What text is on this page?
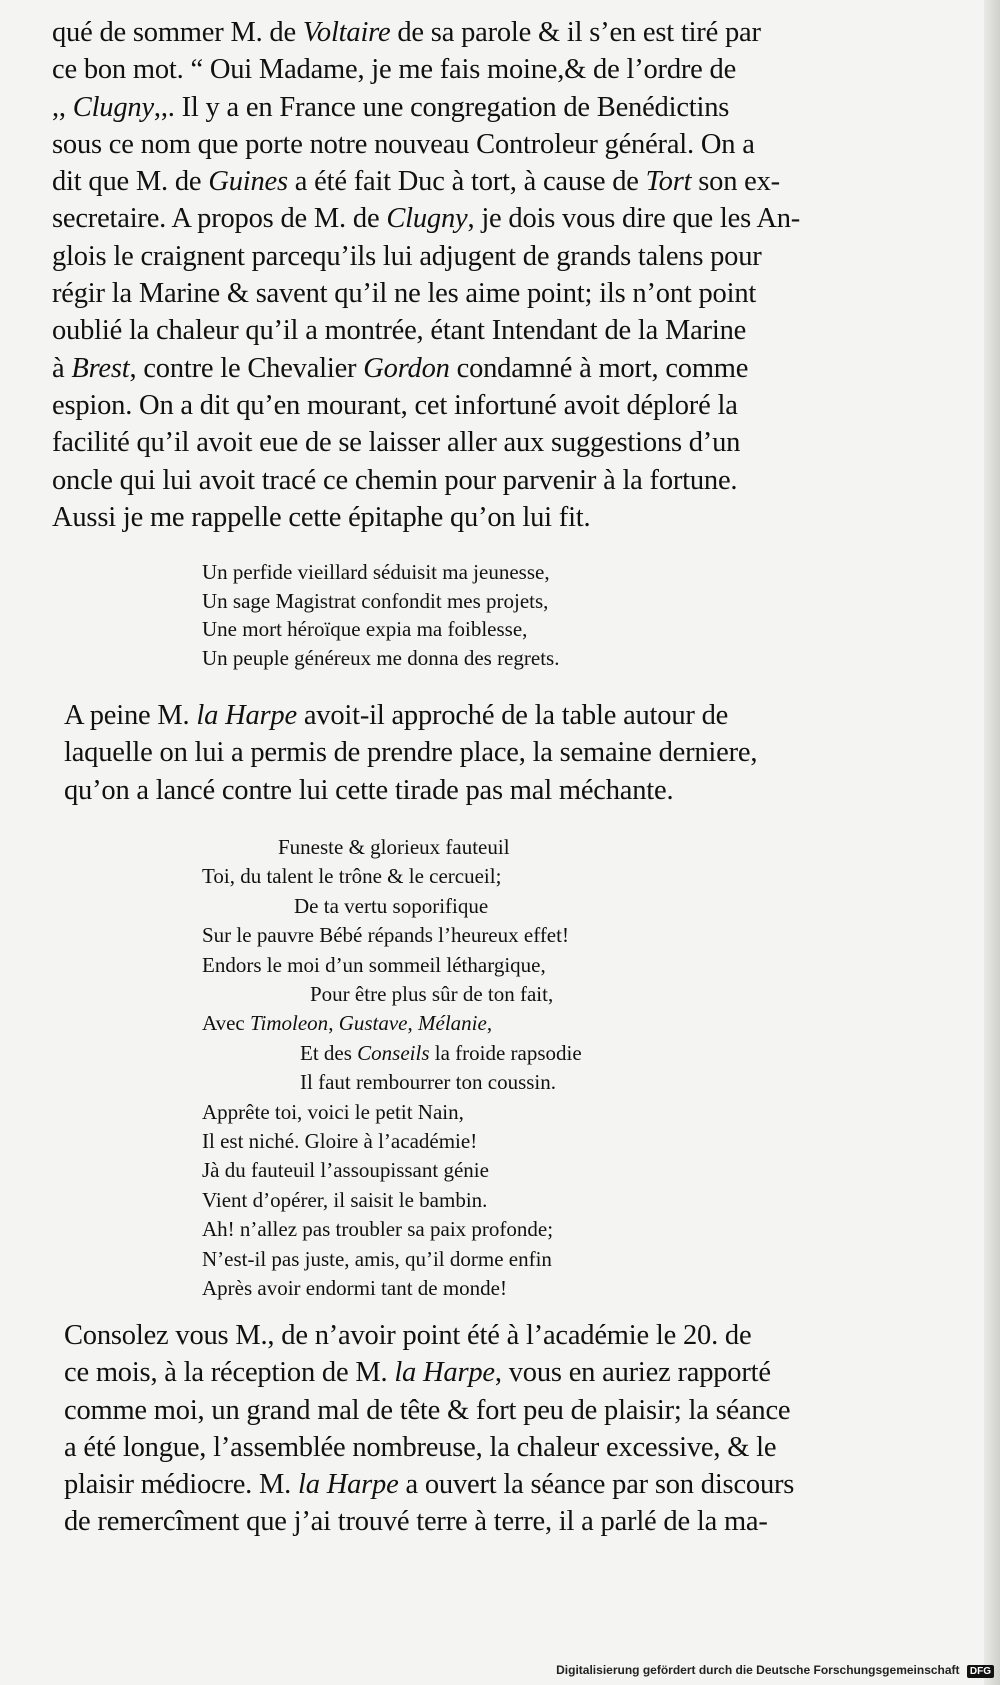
qué de sommer M. de Voltaire de sa parole & il s’en est tiré par
ce bon mot. “ Oui Madame, je me fais moine,& de l’ordre de
,, Clugny,,. Il y a en France une congregation de Benédictins
sous ce nom que porte notre nouveau Controleur général. On a
dit que M. de Guines a été fait Duc à tort, à cause de Tort son ex-
secretaire. A propos de M. de Clugny, je dois vous dire que les An-
glois le craignent parcequ’ils lui adjugent de grands talens pour
régir la Marine & savent qu’il ne les aime point; ils n’ont point
oublié la chaleur qu’il a montrée, étant Intendant de la Marine
à Brest, contre le Chevalier Gordon condamné à mort, comme
espion. On a dit qu’en mourant, cet infortuné avoit déploré la
facilité qu’il avoit eue de se laisser aller aux suggestions d’un
oncle qui lui avoit tracé ce chemin pour parvenir à la fortune.
Aussi je me rappelle cette épitaphe qu’on lui fit.
Un perfide vieillard séduisit ma jeunesse,
Un sage Magistrat confondit mes projets,
Une mort héroïque expia ma foiblesse,
Un peuple généreux me donna des regrets.
A peine M. la Harpe avoit-il approché de la table autour de
laquelle on lui a permis de prendre place, la semaine derniere,
qu’on a lancé contre lui cette tirade pas mal méchante.
Funeste & glorieux fauteuil
Toi, du talent le trône & le cercueil;
De ta vertu soporifique
Sur le pauvre Bébé répands l’heureux effet!
Endors le moi d’un sommeil léthargique,
Pour être plus sûr de ton fait,
Avec Timoleon, Gustave, Mélanie,
Et des Conseils la froide rapsodie
Il faut rembourrer ton coussin.
Apprête toi, voici le petit Nain,
Il est niché. Gloire à l’académie!
Jà du fauteuil l’assoupissant génie
Vient d’opérer, il saisit le bambin.
Ah! n’allez pas troubler sa paix profonde;
N’est-il pas juste, amis, qu’il dorme enfin
Après avoir endormi tant de monde!
Consolez vous M., de n’avoir point été à l’académie le 20. de
ce mois, à la réception de M. la Harpe, vous en auriez rapporté
comme moi, un grand mal de tête & fort peu de plaisir; la séance
a été longue, l’assemblée nombreuse, la chaleur excessive, & le
plaisir médiocre. M. la Harpe a ouvert la séance par son discours
de remercîment que j’ai trouvé terre à terre, il a parlé de la ma-
Digitalisierung gefördert durch die Deutsche Forschungsgemeinschaft DFG
